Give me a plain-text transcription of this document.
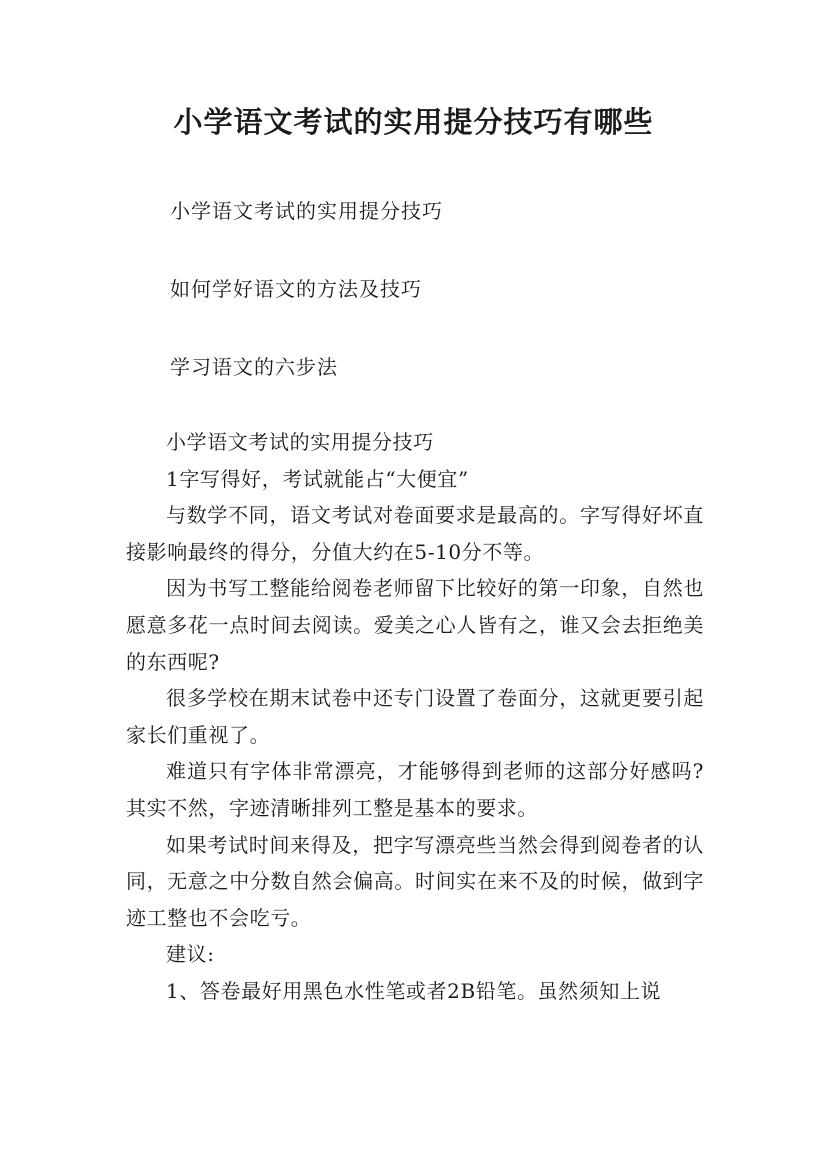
小学语文考试的实用提分技巧有哪些

小学语文考试的实用提分技巧

如何学好语文的方法及技巧

学习语文的六步法

小学语文考试的实用提分技巧

1字写得好，考试就能占“大便宜”

与数学不同，语文考试对卷面要求是最高的。字写得好坏直接影响最终的得分，分值大约在5-10分不等。

因为书写工整能给阅卷老师留下比较好的第一印象，自然也愿意多花一点时间去阅读。爱美之心人皆有之，谁又会去拒绝美的东西呢?

很多学校在期末试卷中还专门设置了卷面分，这就更要引起家长们重视了。

难道只有字体非常漂亮，才能够得到老师的这部分好感吗?其实不然，字迹清晰排列工整是基本的要求。

如果考试时间来得及，把字写漂亮些当然会得到阅卷者的认同，无意之中分数自然会偏高。时间实在来不及的时候，做到字迹工整也不会吃亏。

建议:

1、答卷最好用黑色水性笔或者2B铅笔。虽然须知上说
